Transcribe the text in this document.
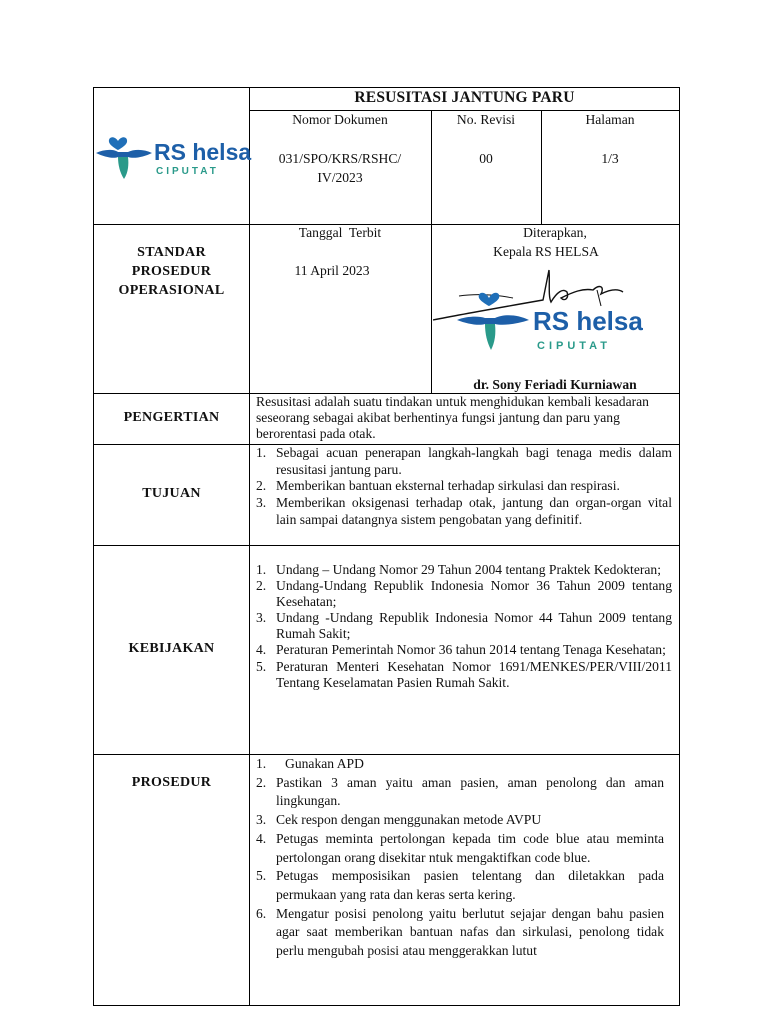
RS helsa
CIPUTAT
RESUSITASI JANTUNG PARU
Nomor Dokumen
031/SPO/KRS/RSHC/
IV/2023
No. Revisi
00
Halaman
1/3
STANDAR
PROSEDUR
OPERASIONAL
Tanggal  Terbit
11 April 2023
Diterapkan,
Kepala RS HELSA
RS helsa
CIPUTAT
dr. Sony Feriadi Kurniawan
PENGERTIAN
Resusitasi adalah suatu tindakan untuk menghidukan kembali kesadaran seseorang sebagai akibat berhentinya fungsi jantung dan paru yang berorentasi pada otak.
TUJUAN
1. Sebagai acuan penerapan langkah-langkah bagi tenaga medis dalam resusitasi jantung paru.
2. Memberikan bantuan eksternal terhadap sirkulasi dan respirasi.
3. Memberikan oksigenasi terhadap otak, jantung dan organ-organ vital lain sampai datangnya sistem pengobatan yang definitif.
KEBIJAKAN
1. Undang – Undang Nomor 29 Tahun 2004 tentang Praktek Kedokteran;
2. Undang-Undang Republik Indonesia Nomor 36 Tahun 2009 tentang Kesehatan;
3. Undang -Undang Republik Indonesia Nomor 44 Tahun 2009 tentang Rumah Sakit;
4. Peraturan Pemerintah Nomor 36 tahun 2014 tentang Tenaga Kesehatan;
5. Peraturan Menteri Kesehatan Nomor 1691/MENKES/PER/VIII/2011 Tentang Keselamatan Pasien Rumah Sakit.
PROSEDUR
1. Gunakan APD
2. Pastikan 3 aman yaitu aman pasien, aman penolong dan aman lingkungan.
3. Cek respon dengan menggunakan metode AVPU
4. Petugas meminta pertolongan kepada tim code blue atau meminta pertolongan orang disekitar ntuk mengaktifkan code blue.
5. Petugas memposisikan pasien telentang dan diletakkan pada permukaan yang rata dan keras serta kering.
6. Mengatur posisi penolong yaitu berlutut sejajar dengan bahu pasien agar saat memberikan bantuan nafas dan sirkulasi, penolong tidak perlu mengubah posisi atau menggerakkan lutut
